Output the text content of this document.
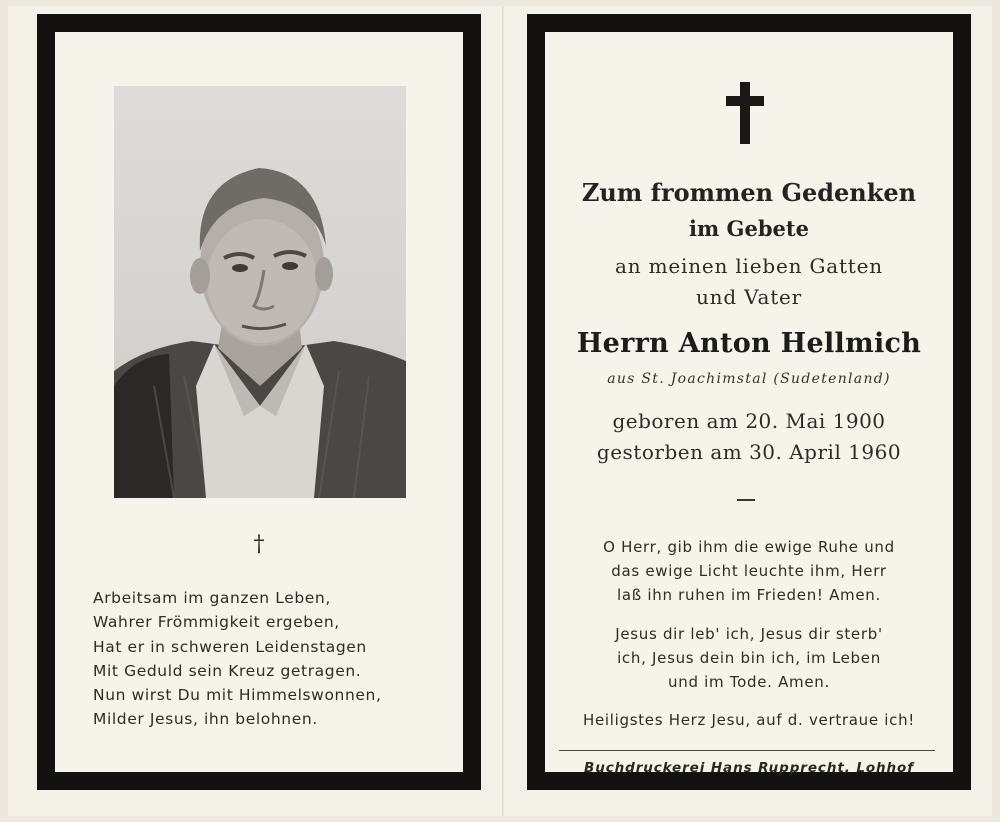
†
Arbeitsam im ganzen Leben,
Wahrer Frömmigkeit ergeben,
Hat er in schweren Leidenstagen
Mit Geduld sein Kreuz getragen.
Nun wirst Du mit Himmelswonnen,
Milder Jesus, ihn belohnen.
Zum frommen Gedenken
im Gebete
an meinen lieben Gatten
und Vater
Herrn Anton Hellmich
aus St. Joachimstal (Sudetenland)
geboren am 20. Mai 1900
gestorben am 30. April 1960
O Herr, gib ihm die ewige Ruhe und
das ewige Licht leuchte ihm, Herr
laß ihn ruhen im Frieden! Amen.
Jesus dir leb' ich, Jesus dir sterb'
ich, Jesus dein bin ich, im Leben
und im Tode. Amen.
Heiligstes Herz Jesu, auf d. vertraue ich!
Buchdruckerei Hans Rupprecht, Lohhof
